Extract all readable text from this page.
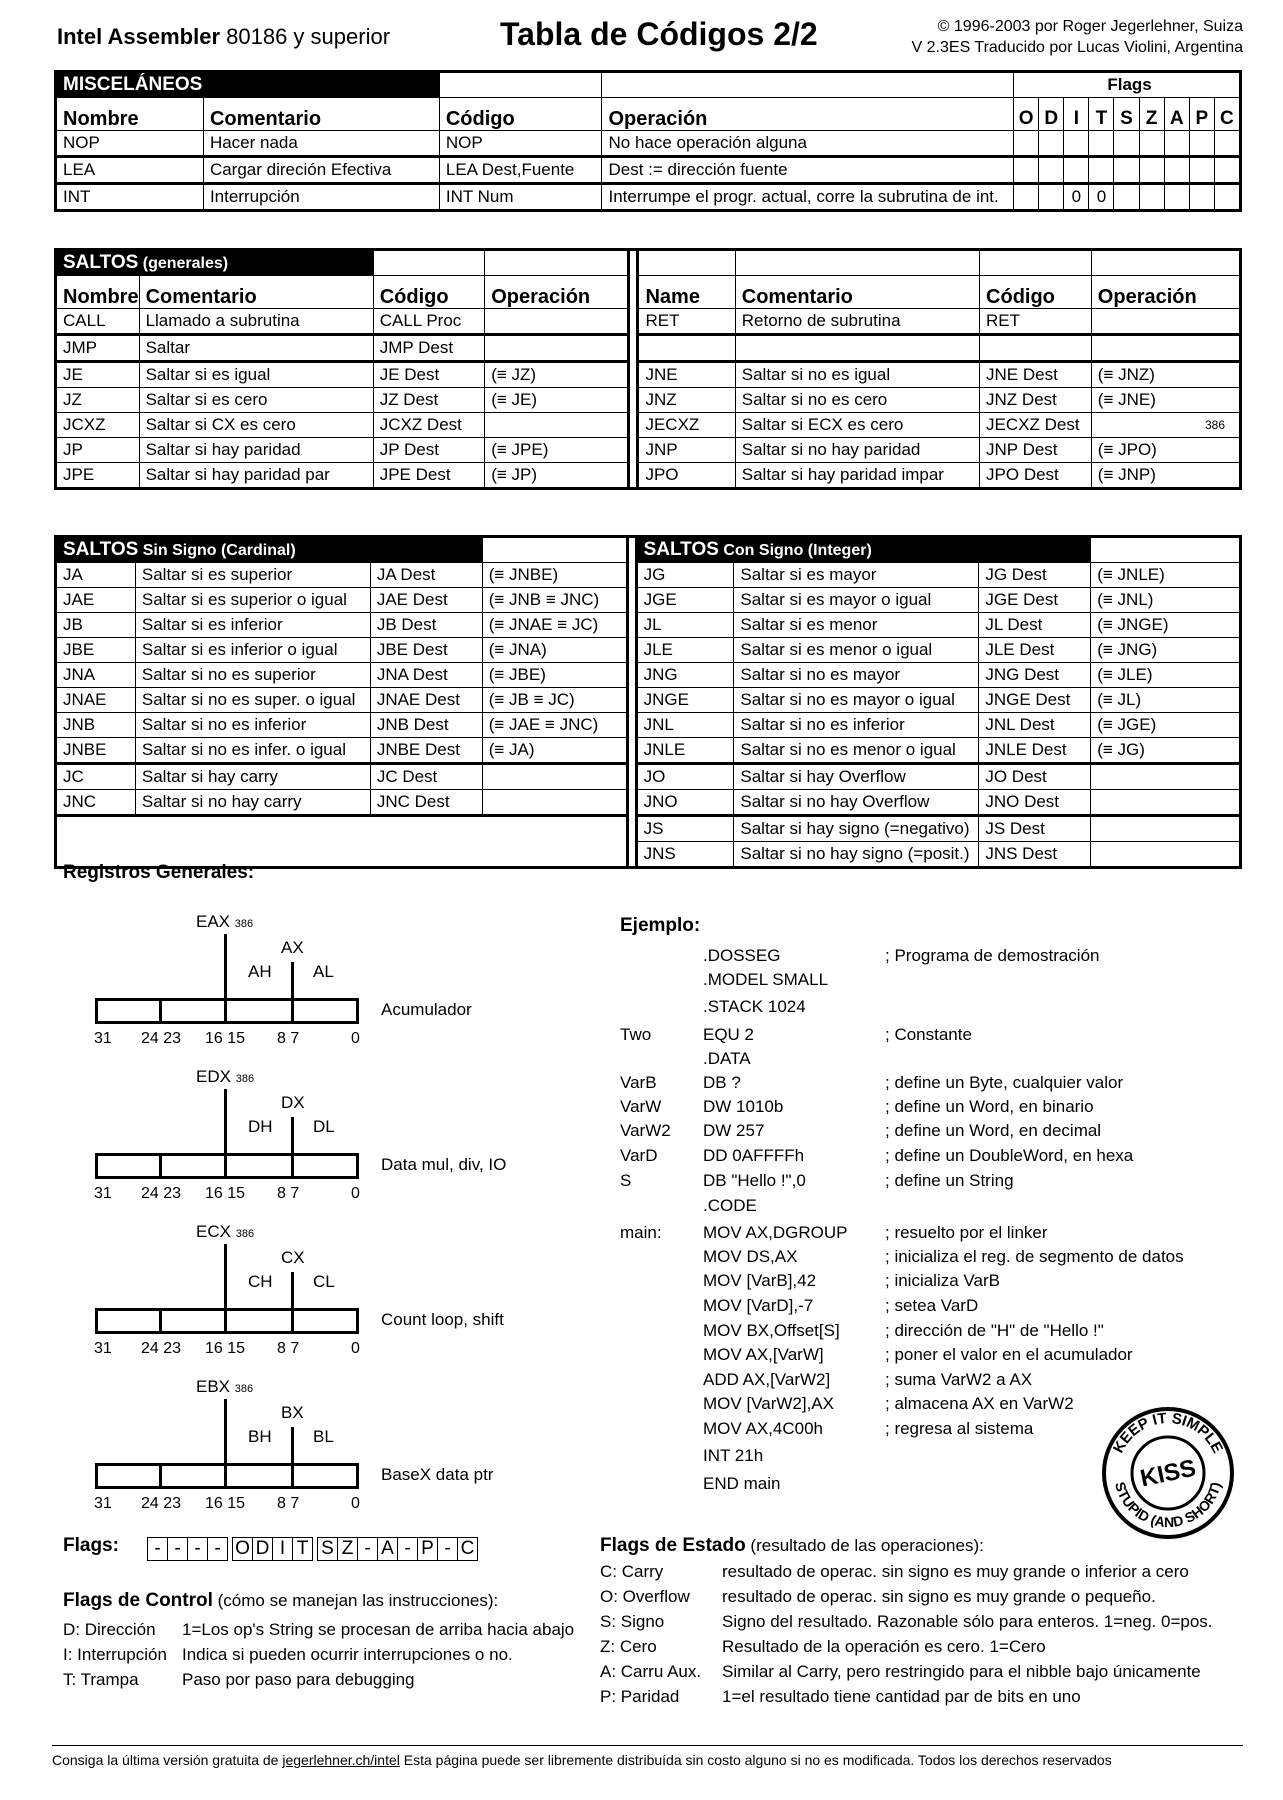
Intel Assembler 80186 y superior	Tabla de Códigos 2/2	© 1996-2003 por Roger Jegerlehner, Suiza
V 2.3ES Traducido por Lucas Violini, Argentina
MISCELÁNEOS				Flags								
Nombre	Comentario	Código	Operación	O	D	I	T	S	Z	A	P	C
NOP	Hacer nada	NOP	No hace operación alguna									
LEA	Cargar direción Efectiva	LEA Dest,Fuente	Dest := dirección fuente									
INT	Interrupción	INT Num	Interrumpe el progr. actual, corre la subrutina de int.			0	0					
SALTOS (generales)								
Nombre	Comentario	Código	Operación		Name	Comentario	Código	Operación
CALL	Llamado a subrutina	CALL Proc			RET	Retorno de subrutina	RET	
JMP	Saltar	JMP Dest						
JE	Saltar si es igual	JE Dest	(≡ JZ)		JNE	Saltar si no es igual	JNE Dest	(≡ JNZ)
JZ	Saltar si es cero	JZ Dest	(≡ JE)		JNZ	Saltar si no es cero	JNZ Dest	(≡ JNE)
JCXZ	Saltar si CX es cero	JCXZ Dest			JECXZ	Saltar si ECX es cero	JECXZ Dest	386
JP	Saltar si hay paridad	JP Dest	(≡ JPE)		JNP	Saltar si no hay paridad	JNP Dest	(≡ JPO)
JPE	Saltar si hay paridad par	JPE Dest	(≡ JP)		JPO	Saltar si hay paridad impar	JPO Dest	(≡ JNP)
SALTOS Sin Signo (Cardinal)					SALTOS Con Signo (Integer)			
JA	Saltar si es superior	JA Dest	(≡ JNBE)		JG	Saltar si es mayor	JG Dest	(≡ JNLE)
JAE	Saltar si es superior o igual	JAE Dest	(≡ JNB ≡ JNC)		JGE	Saltar si es mayor o igual	JGE Dest	(≡ JNL)
JB	Saltar si es inferior	JB Dest	(≡ JNAE ≡ JC)		JL	Saltar si es menor	JL Dest	(≡ JNGE)
JBE	Saltar si es inferior o igual	JBE Dest	(≡ JNA)		JLE	Saltar si es menor o igual	JLE Dest	(≡ JNG)
JNA	Saltar si no es superior	JNA Dest	(≡ JBE)		JNG	Saltar si no es mayor	JNG Dest	(≡ JLE)
JNAE	Saltar si no es super. o igual	JNAE Dest	(≡ JB ≡ JC)		JNGE	Saltar si no es mayor o igual	JNGE Dest	(≡ JL)
JNB	Saltar si no es inferior	JNB Dest	(≡ JAE ≡ JNC)		JNL	Saltar si no es inferior	JNL Dest	(≡ JGE)
JNBE	Saltar si no es infer. o igual	JNBE Dest	(≡ JA)		JNLE	Saltar si no es menor o igual	JNLE Dest	(≡ JG)
JC	Saltar si hay carry	JC Dest			JO	Saltar si hay Overflow	JO Dest	
JNC	Saltar si no hay carry	JNC Dest			JNO	Saltar si no hay Overflow	JNO Dest	
					JS	Saltar si hay signo (=negativo)	JS Dest	
					JNS	Saltar si no hay signo (=posit.)	JNS Dest	
Registros Generales:
EAX 386
AX
AH AL
31 24 23 16 15 8 7	0
Acumulador
EDX 386
DX
DH DL
31 24 23 16 15 8 7	0
Data mul, div, IO
ECX 386
CX
CH CL
31 24 23 16 15 8 7	0
Count loop, shift
EBX 386
BX
BH BL
31 24 23 16 15 8 7	0
BaseX data ptr
Ejemplo:
.DOSSEG	; Programa de demostración
.MODEL SMALL
.STACK 1024
Two	EQU 2	; Constante
.DATA
VarB	DB ?	; define un Byte, cualquier valor
VarW DW 1010b	; define un Word, en binario
VarW2 DW 257	; define un Word, en decimal
VarD	DD 0AFFFFh	; define un DoubleWord, en hexa
S	DB "Hello !",0	; define un String
.CODE
main: MOV AX,DGROUP ; resuelto por el linker
MOV DS,AX	; inicializa el reg. de segmento de datos
MOV [VarB],42	; inicializa VarB
MOV [VarD],-7	; setea VarD
MOV BX,Offset[S]	; dirección de "H" de "Hello !"
MOV AX,[VarW]	; poner el valor en el acumulador
ADD AX,[VarW2]	; suma VarW2 a AX
MOV [VarW2],AX	; almacena AX en VarW2
MOV AX,4C00h	; regresa al sistema
INT 21h
END main
Flags:	- - - - O D I T S Z - A - P - C
Flags de Control (cómo se manejan las instrucciones):
D: Dirección 1=Los op's String se procesan de arriba hacia abajo
I: Interrupción Indica si pueden ocurrir interrupciones o no.
T: Trampa	Paso por paso para debugging
Flags de Estado (resultado de las operaciones):
C: Carry	resultado de operac. sin signo es muy grande o inferior a cero
O: Overflow resultado de operac. sin signo es muy grande o pequeño.
S: Signo	Signo del resultado. Razonable sólo para enteros. 1=neg. 0=pos.
Z: Cero	Resultado de la operación es cero. 1=Cero
A: Carru Aux. Similar al Carry, pero restringido para el nibble bajo únicamente
P: Paridad	1=el resultado tiene cantidad par de bits en uno
KEEP IT SIMPLE
STUPID (AND SHORT)
KISS
Consiga la última versión gratuita de jegerlehner.ch/intel Esta página puede ser libremente distribuída sin costo alguno si no es modificada. Todos los derechos reservados
